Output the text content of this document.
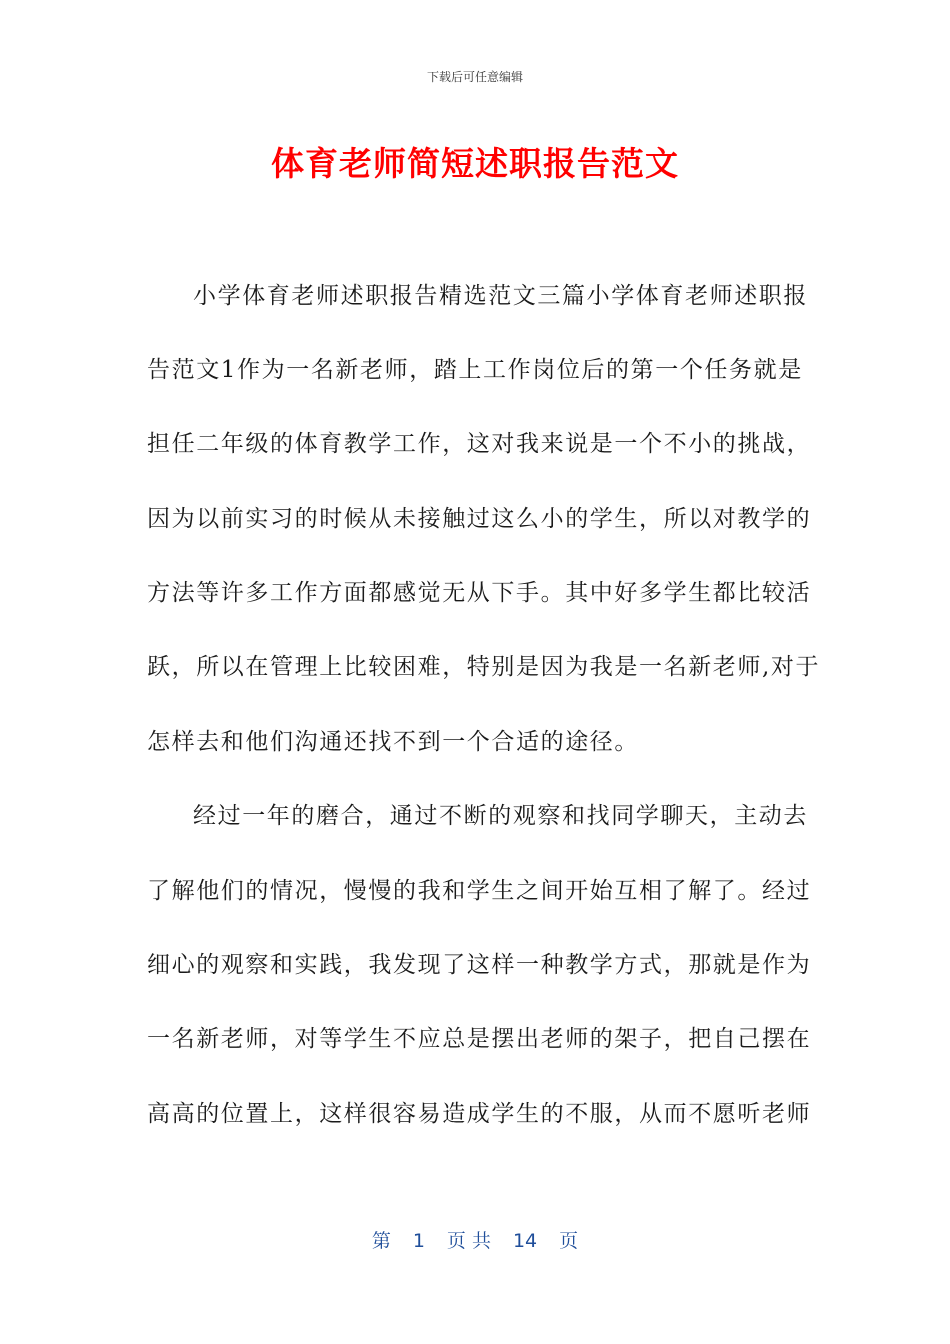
下载后可任意编辑
体育老师简短述职报告范文
小学体育老师述职报告精选范文三篇小学体育老师述职报
告范文1作为一名新老师，踏上工作岗位后的第一个任务就是
担任二年级的体育教学工作，这对我来说是一个不小的挑战，
因为以前实习的时候从未接触过这么小的学生，所以对教学的
方法等许多工作方面都感觉无从下手。其中好多学生都比较活
跃，所以在管理上比较困难，特别是因为我是一名新老师,对于
怎样去和他们沟通还找不到一个合适的途径。
经过一年的磨合，通过不断的观察和找同学聊天，主动去
了解他们的情况，慢慢的我和学生之间开始互相了解了。经过
细心的观察和实践，我发现了这样一种教学方式，那就是作为
一名新老师，对等学生不应总是摆出老师的架子，把自己摆在
高高的位置上，这样很容易造成学生的不服，从而不愿听老师
第 1 页 共 14 页
